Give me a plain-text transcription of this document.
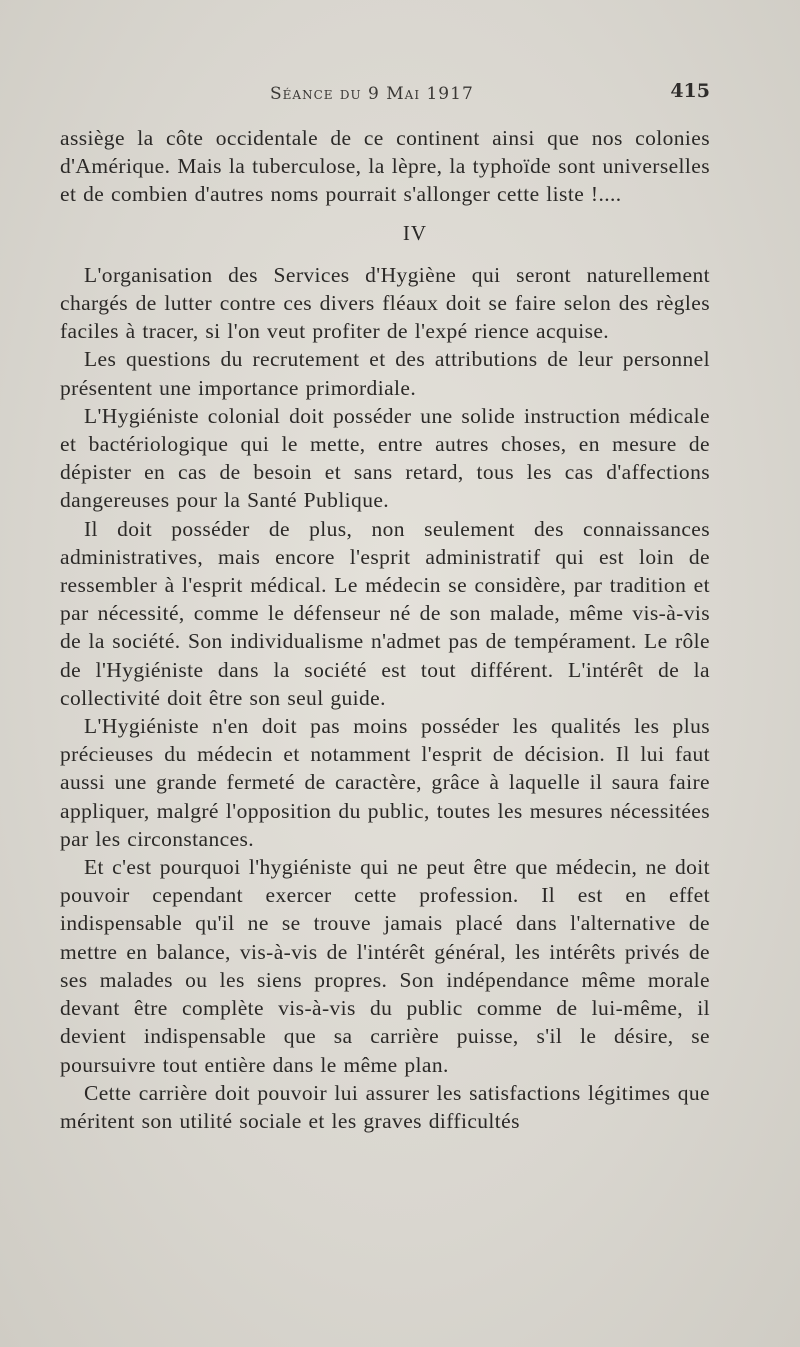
Séance du 9 Mai 1917	415

assiège la côte occidentale de ce continent ainsi que nos colonies d'Amérique. Mais la tuberculose, la lèpre, la typhoïde sont universelles et de combien d'autres noms pourrait s'allonger cette liste !....

IV

L'organisation des Services d'Hygiène qui seront naturellement chargés de lutter contre ces divers fléaux doit se faire selon des règles faciles à tracer, si l'on veut profiter de l'expé rience acquise.

Les questions du recrutement et des attributions de leur personnel présentent une importance primordiale.

L'Hygiéniste colonial doit posséder une solide instruction médicale et bactériologique qui le mette, entre autres choses, en mesure de dépister en cas de besoin et sans retard, tous les cas d'affections dangereuses pour la Santé Publique.

Il doit posséder de plus, non seulement des connaissances administratives, mais encore l'esprit administratif qui est loin de ressembler à l'esprit médical. Le médecin se considère, par tradition et par nécessité, comme le défenseur né de son malade, même vis-à-vis de la société. Son individualisme n'admet pas de tempérament. Le rôle de l'Hygiéniste dans la société est tout différent. L'intérêt de la collectivité doit être son seul guide.

L'Hygiéniste n'en doit pas moins posséder les qualités les plus précieuses du médecin et notamment l'esprit de décision. Il lui faut aussi une grande fermeté de caractère, grâce à laquelle il saura faire appliquer, malgré l'opposition du public, toutes les mesures nécessitées par les circonstances.

Et c'est pourquoi l'hygiéniste qui ne peut être que médecin, ne doit pouvoir cependant exercer cette profession. Il est en effet indispensable qu'il ne se trouve jamais placé dans l'alternative de mettre en balance, vis-à-vis de l'intérêt général, les intérêts privés de ses malades ou les siens propres. Son indépendance même morale devant être complète vis-à-vis du public comme de lui-même, il devient indispensable que sa carrière puisse, s'il le désire, se poursuivre tout entière dans le même plan.

Cette carrière doit pouvoir lui assurer les satisfactions légitimes que méritent son utilité sociale et les graves difficultés
